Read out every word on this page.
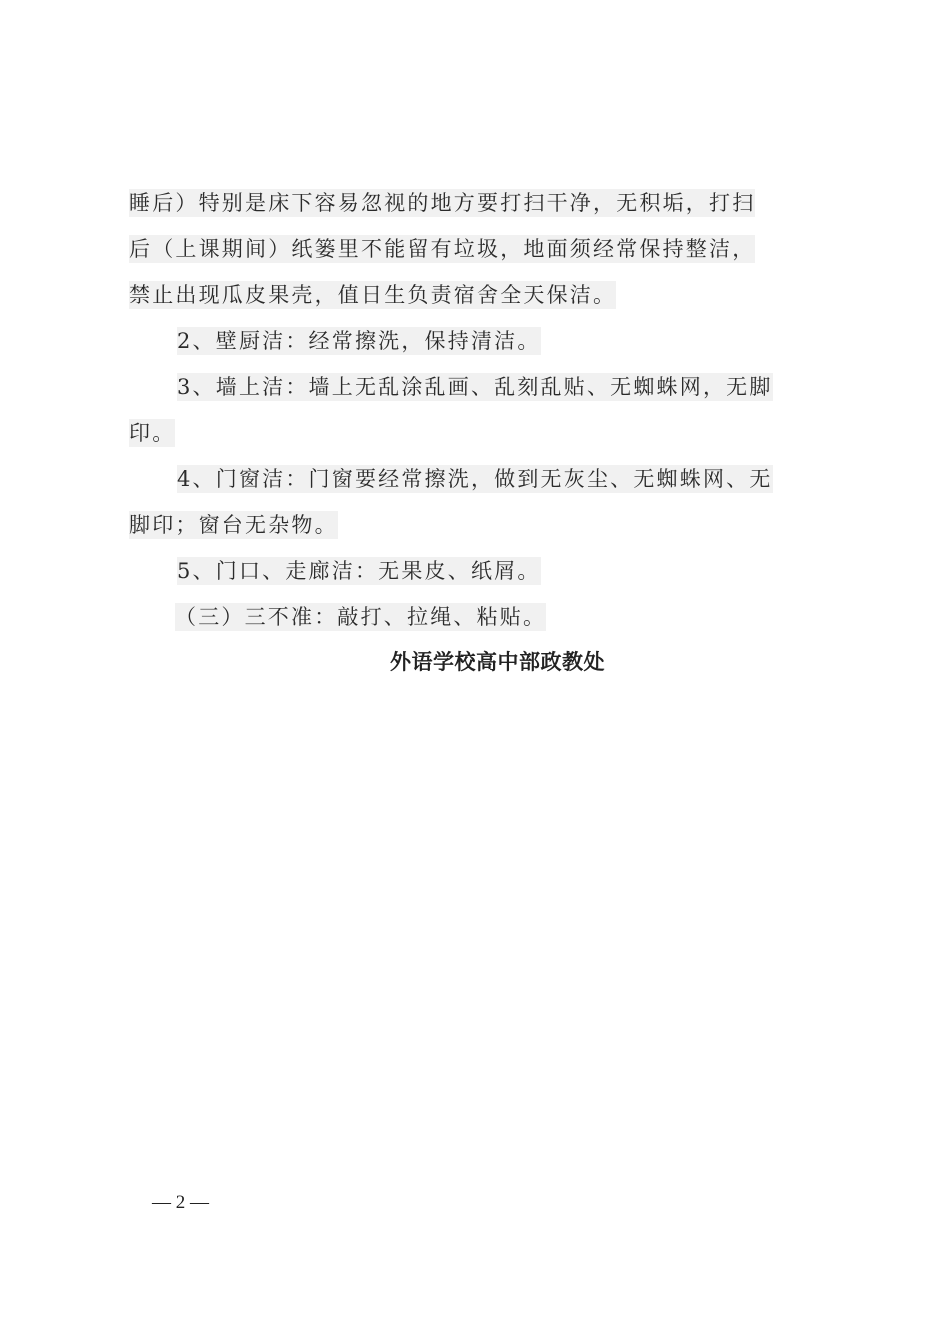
睡后）特别是床下容易忽视的地方要打扫干净，无积垢，打扫
后（上课期间）纸篓里不能留有垃圾，地面须经常保持整洁，
禁止出现瓜皮果壳，值日生负责宿舍全天保洁。
2、壁厨洁：经常擦洗，保持清洁。
3、墙上洁：墙上无乱涂乱画、乱刻乱贴、无蜘蛛网，无脚
印。
4、门窗洁：门窗要经常擦洗，做到无灰尘、无蜘蛛网、无
脚印；窗台无杂物。
5、门口、走廊洁：无果皮、纸屑。
（三）三不准：敲打、拉绳、粘贴。
外语学校高中部政教处
— 2 —
